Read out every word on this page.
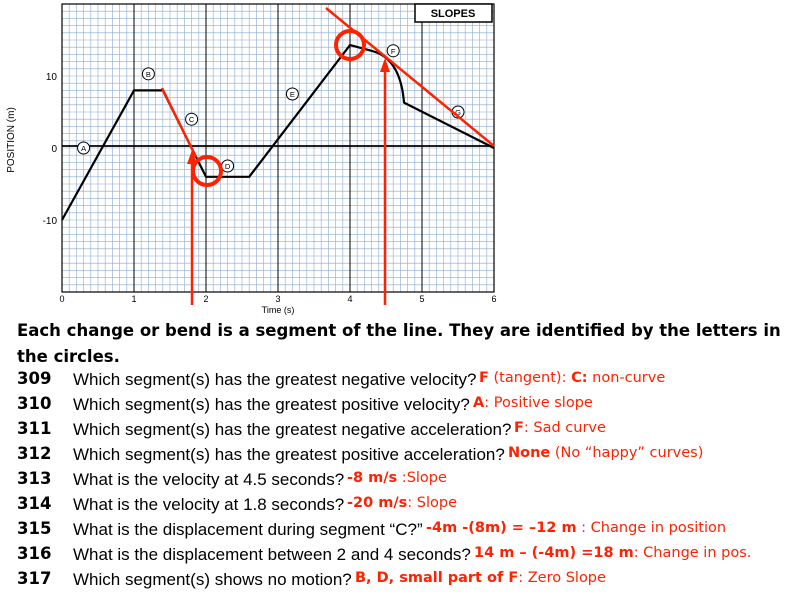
SLOPES
0	1	2	3	4	5	6
10
0
-10
Time (s)
POSITION (m)	A
B
C
D
E
F
G
Each change or bend is a segment of the line. They are identified by the letters in the circles.
309 Which segment(s) has the greatest negative velocity? F (tangent): C: non-curve
310 Which segment(s) has the greatest positive velocity? A: Positive slope
311 Which segment(s) has the greatest negative acceleration? F: Sad curve
312 Which segment(s) has the greatest positive acceleration? None (No “happy” curves)
313 What is the velocity at 4.5 seconds? -8 m/s :Slope
314 What is the velocity at 1.8 seconds? -20 m/s: Slope
315 What is the displacement during segment “C?” -4m -(8m) = –12 m : Change in position
316 What is the displacement between 2 and 4 seconds? 14 m – (-4m) =18 m: Change in pos.
317 Which segment(s) shows no motion? B, D, small part of F: Zero Slope
